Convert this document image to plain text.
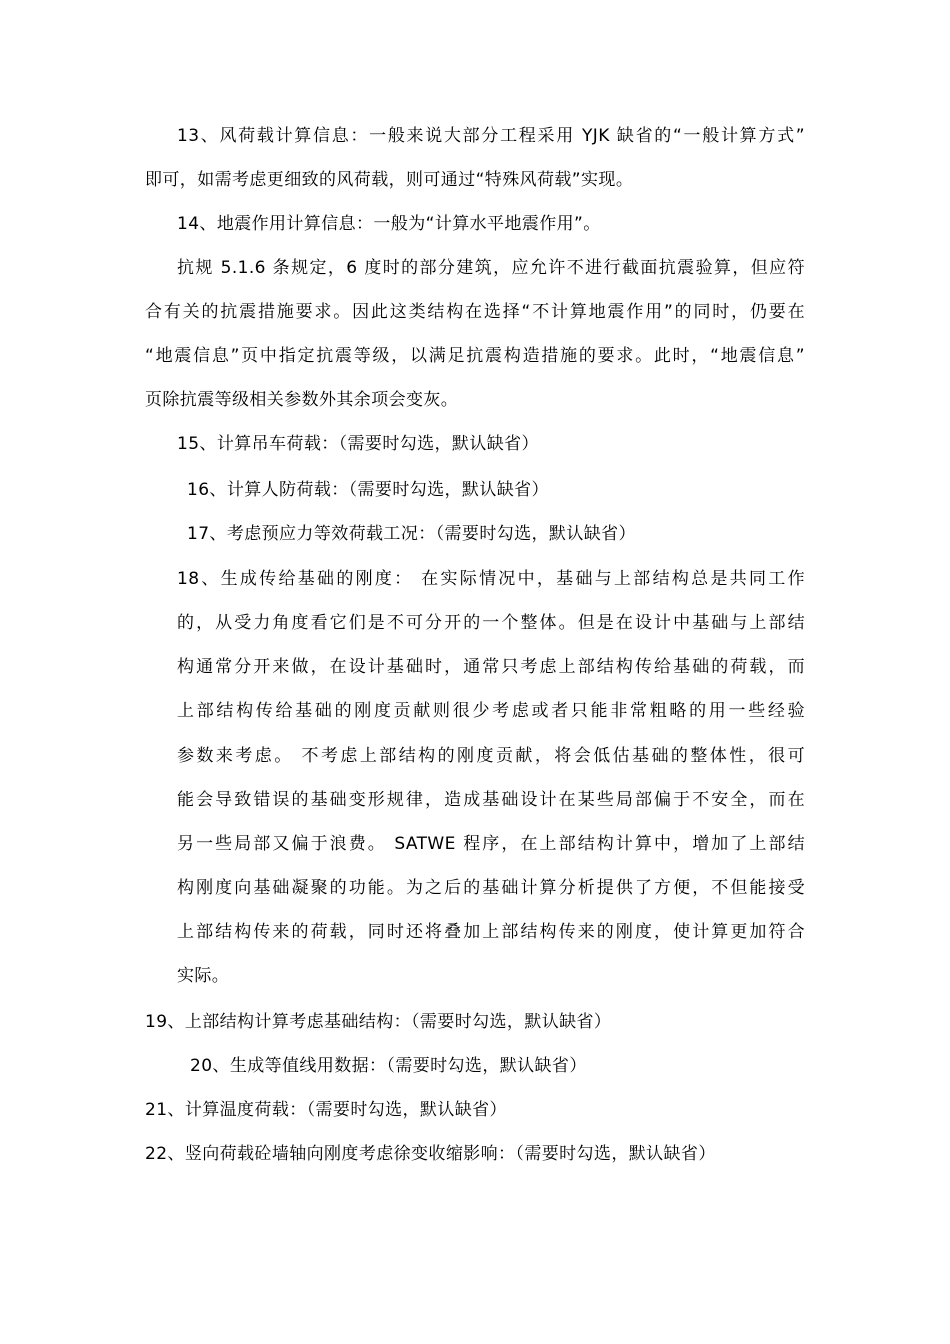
13、风荷载计算信息：一般来说大部分工程采用 YJK 缺省的“一般计算方式”
即可，如需考虑更细致的风荷载，则可通过“特殊风荷载”实现。
14、地震作用计算信息：一般为“计算水平地震作用”。
抗规 5.1.6 条规定，6 度时的部分建筑，应允许不进行截面抗震验算，但应符
合有关的抗震措施要求。因此这类结构在选择“不计算地震作用”的同时，仍要在
“地震信息”页中指定抗震等级，以满足抗震构造措施的要求。此时，“地震信息”
页除抗震等级相关参数外其余项会变灰。
15、计算吊车荷载：（需要时勾选，默认缺省）
16、计算人防荷载：（需要时勾选，默认缺省）
17、考虑预应力等效荷载工况：（需要时勾选，默认缺省）
18、生成传给基础的刚度： 在实际情况中，基础与上部结构总是共同工作
的，从受力角度看它们是不可分开的一个整体。但是在设计中基础与上部结
构通常分开来做，在设计基础时，通常只考虑上部结构传给基础的荷载，而
上部结构传给基础的刚度贡献则很少考虑或者只能非常粗略的用一些经验
参数来考虑。 不考虑上部结构的刚度贡献，将会低估基础的整体性，很可
能会导致错误的基础变形规律，造成基础设计在某些局部偏于不安全，而在
另一些局部又偏于浪费。 SATWE 程序，在上部结构计算中，增加了上部结
构刚度向基础凝聚的功能。为之后的基础计算分析提供了方便，不但能接受
上部结构传来的荷载，同时还将叠加上部结构传来的刚度，使计算更加符合
实际。
19、上部结构计算考虑基础结构：（需要时勾选，默认缺省）
20、生成等值线用数据：（需要时勾选，默认缺省）
21、计算温度荷载：（需要时勾选，默认缺省）
22、竖向荷载砼墙轴向刚度考虑徐变收缩影响：（需要时勾选，默认缺省）
